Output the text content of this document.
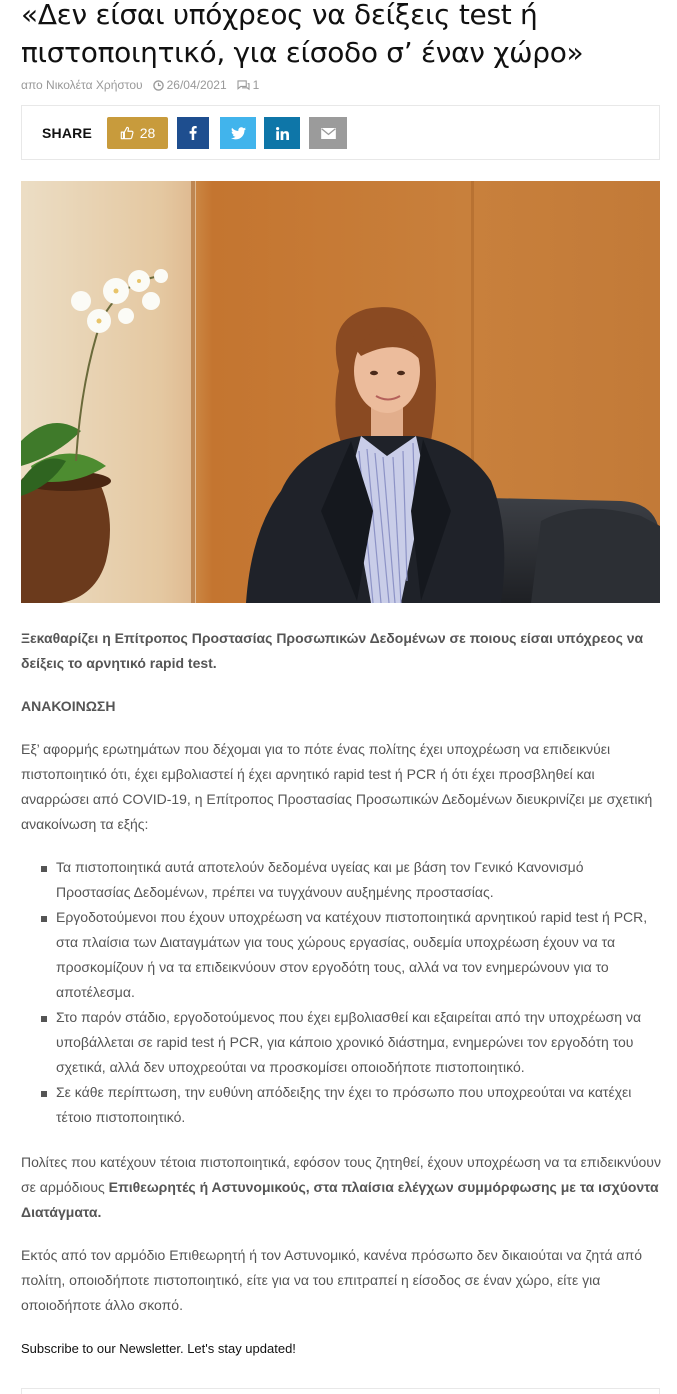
«Δεν είσαι υπόχρεος να δείξεις test ή πιστοποιητικό, για είσοδο σ’ έναν χώρο»
απο Νικολέτα Χρήστου 26/04/2021 1
SHARE	28

Ξεκαθαρίζει η Επίτροπος Προστασίας Προσωπικών Δεδομένων σε ποιους είσαι υπόχρεος να δείξεις το αρνητικό rapid test.

ΑΝΑΚΟΙΝΩΣΗ

Εξ’ αφορμής ερωτημάτων που δέχομαι για το πότε ένας πολίτης έχει υποχρέωση να επιδεικνύει πιστοποιητικό ότι, έχει εμβολιαστεί ή έχει αρνητικό rapid test ή PCR ή ότι έχει προσβληθεί και αναρρώσει από COVID-19, η Επίτροπος Προστασίας Προσωπικών Δεδομένων διευκρινίζει με σχετική ανακοίνωση τα εξής:

Τα πιστοποιητικά αυτά αποτελούν δεδομένα υγείας και με βάση τον Γενικό Κανονισμό Προστασίας Δεδομένων, πρέπει να τυγχάνουν αυξημένης προστασίας.
Εργοδοτούμενοι που έχουν υποχρέωση να κατέχουν πιστοποιητικά αρνητικού rapid test ή PCR, στα πλαίσια των Διαταγμάτων για τους χώρους εργασίας, ουδεμία υποχρέωση έχουν να τα προσκομίζουν ή να τα επιδεικνύουν στον εργοδότη τους, αλλά να τον ενημερώνουν για το αποτέλεσμα.
Στο παρόν στάδιο, εργοδοτούμενος που έχει εμβολιασθεί και εξαιρείται από την υποχρέωση να υποβάλλεται σε rapid test ή PCR, για κάποιο χρονικό διάστημα, ενημερώνει τον εργοδότη του σχετικά, αλλά δεν υποχρεούται να προσκομίσει οποιοδήποτε πιστοποιητικό.
Σε κάθε περίπτωση, την ευθύνη απόδειξης την έχει το πρόσωπο που υποχρεούται να κατέχει τέτοιο πιστοποιητικό.

Πολίτες που κατέχουν τέτοια πιστοποιητικά, εφόσον τους ζητηθεί, έχουν υποχρέωση να τα επιδεικνύουν σε αρμόδιους Επιθεωρητές ή Αστυνομικούς, στα πλαίσια ελέγχων συμμόρφωσης με τα ισχύοντα Διατάγματα.

Εκτός από τον αρμόδιο Επιθεωρητή ή τον Αστυνομικό, κανένα πρόσωπο δεν δικαιούται να ζητά από πολίτη, οποιοδήποτε πιστοποιητικό, είτε για να του επιτραπεί η είσοδος σε έναν χώρο, είτε για οποιοδήποτε άλλο σκοπό.

Subscribe to our Newsletter. Let's stay updated!
